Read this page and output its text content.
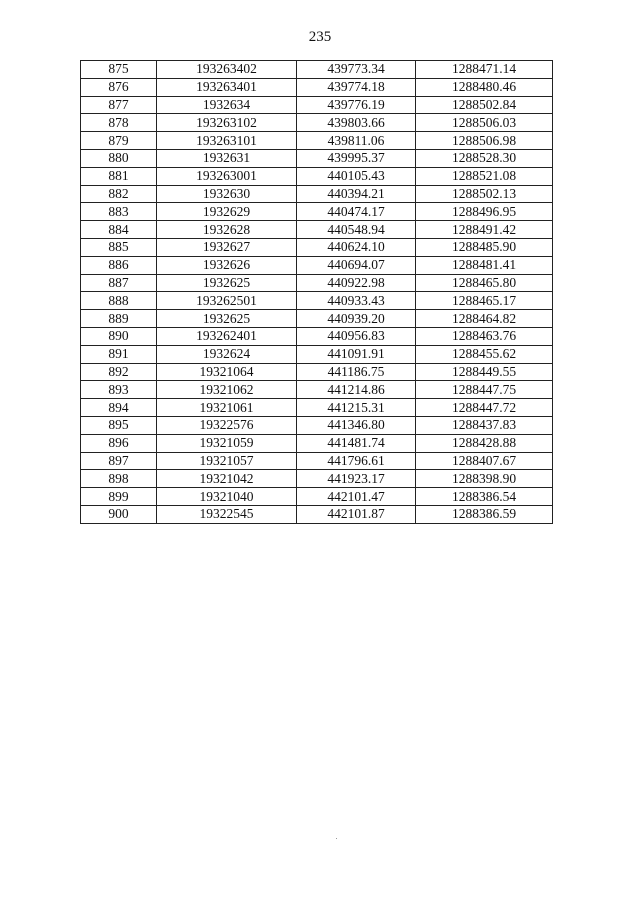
235
875	193263402	439773.34	1288471.14
876	193263401	439774.18	1288480.46
877	1932634	439776.19	1288502.84
878	193263102	439803.66	1288506.03
879	193263101	439811.06	1288506.98
880	1932631	439995.37	1288528.30
881	193263001	440105.43	1288521.08
882	1932630	440394.21	1288502.13
883	1932629	440474.17	1288496.95
884	1932628	440548.94	1288491.42
885	1932627	440624.10	1288485.90
886	1932626	440694.07	1288481.41
887	1932625	440922.98	1288465.80
888	193262501	440933.43	1288465.17
889	1932625	440939.20	1288464.82
890	193262401	440956.83	1288463.76
891	1932624	441091.91	1288455.62
892	19321064	441186.75	1288449.55
893	19321062	441214.86	1288447.75
894	19321061	441215.31	1288447.72
895	19322576	441346.80	1288437.83
896	19321059	441481.74	1288428.88
897	19321057	441796.61	1288407.67
898	19321042	441923.17	1288398.90
899	19321040	442101.47	1288386.54
900	19322545	442101.87	1288386.59
